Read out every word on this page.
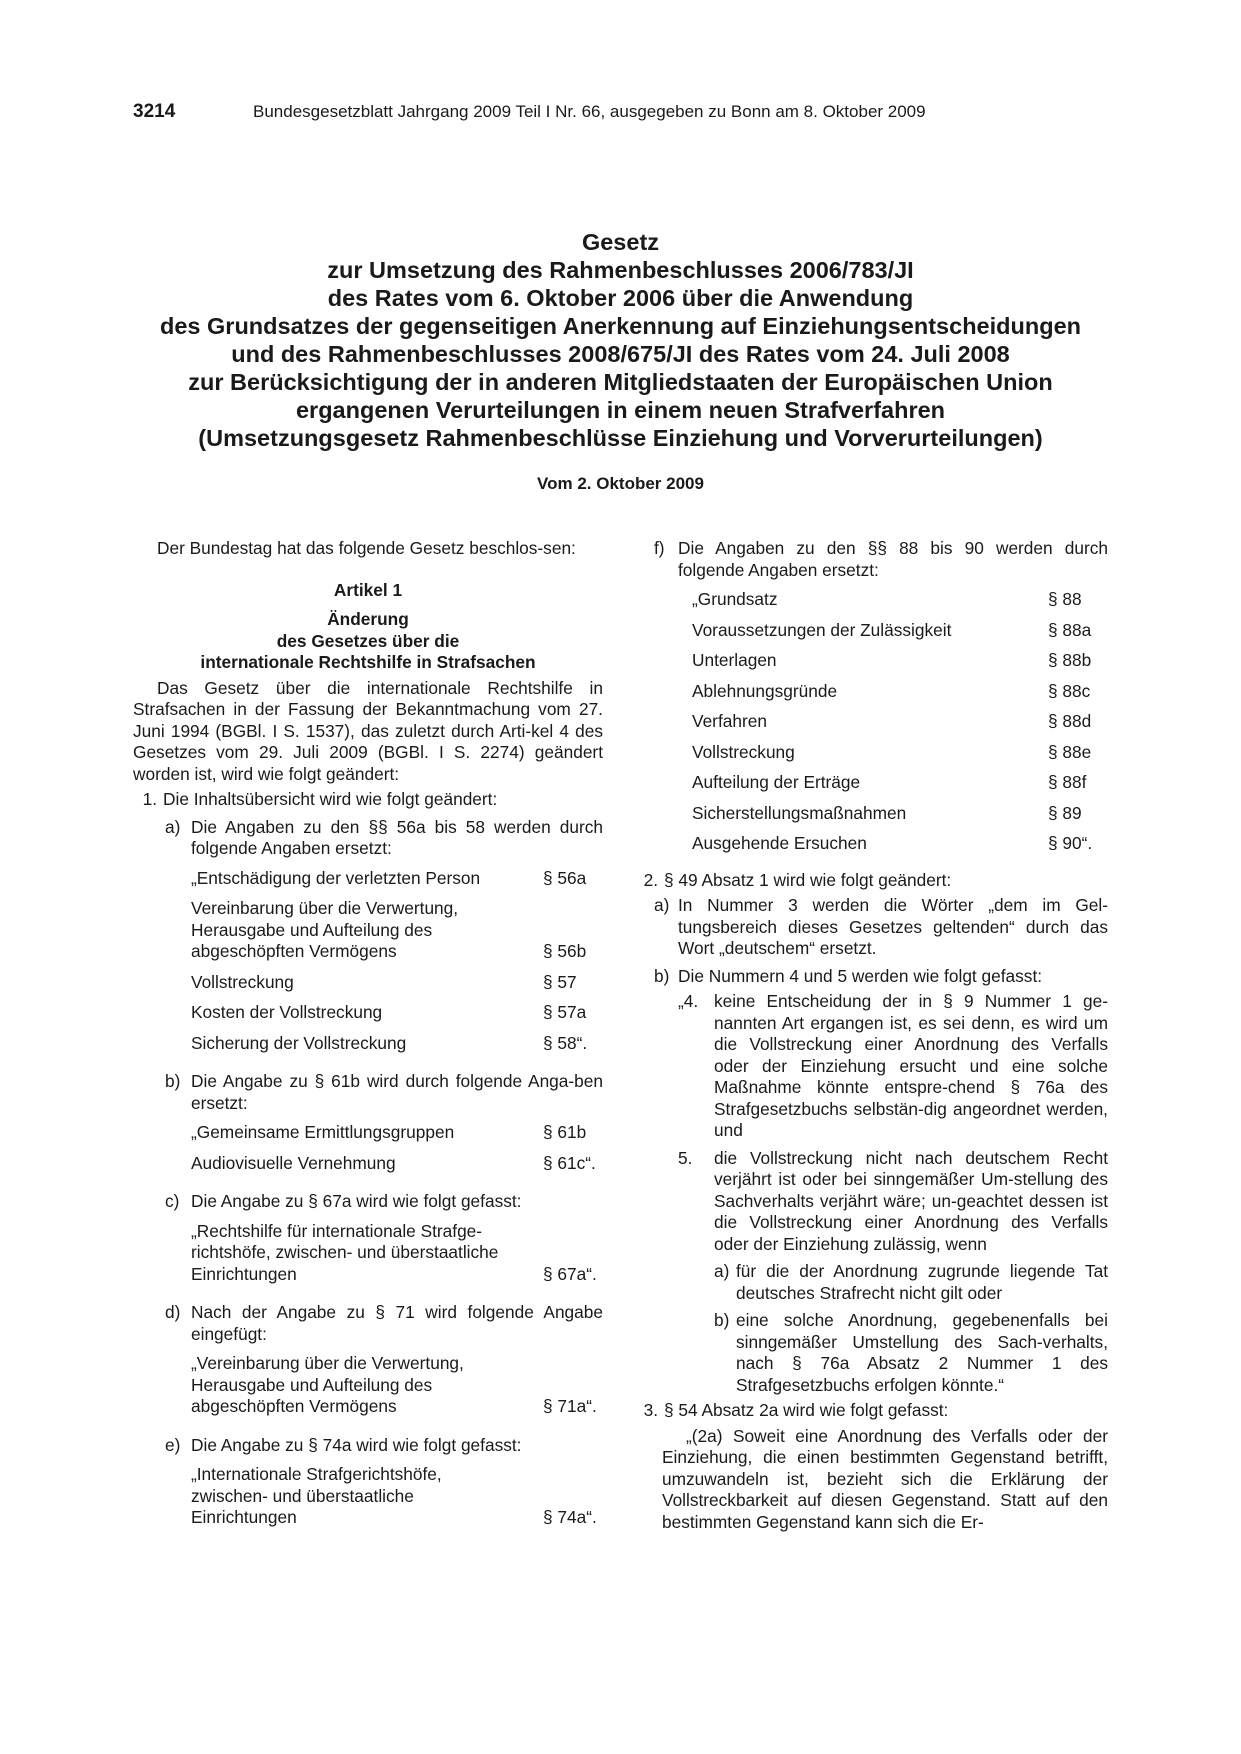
3214	Bundesgesetzblatt Jahrgang 2009 Teil I Nr. 66, ausgegeben zu Bonn am 8. Oktober 2009
Gesetz
zur Umsetzung des Rahmenbeschlusses 2006/783/JI
des Rates vom 6. Oktober 2006 über die Anwendung
des Grundsatzes der gegenseitigen Anerkennung auf Einziehungsentscheidungen
und des Rahmenbeschlusses 2008/675/JI des Rates vom 24. Juli 2008
zur Berücksichtigung der in anderen Mitgliedstaaten der Europäischen Union
ergangenen Verurteilungen in einem neuen Strafverfahren
(Umsetzungsgesetz Rahmenbeschlüsse Einziehung und Vorverurteilungen)
Vom 2. Oktober 2009

Der Bundestag hat das folgende Gesetz beschlos-sen:

Artikel 1

Änderung

des Gesetzes über die

internationale Rechtshilfe in Strafsachen

Das Gesetz über die internationale Rechtshilfe in Strafsachen in der Fassung der Bekanntmachung vom 27. Juni 1994 (BGBl. I S. 1537), das zuletzt durch Arti-kel 4 des Gesetzes vom 29. Juli 2009 (BGBl. I S. 2274) geändert worden ist, wird wie folgt geändert:

1. Die Inhaltsübersicht wird wie folgt geändert:
a) Die Angaben zu den §§ 56a bis 58 werden durch folgende Angaben ersetzt:
„Entschädigung der verletzten Person	§ 56a
Vereinbarung über die Verwertung,
Herausgabe und Aufteilung des
abgeschöpften Vermögens	§ 56b
Vollstreckung	§ 57
Kosten der Vollstreckung	§ 57a
Sicherung der Vollstreckung	§ 58“.
b) Die Angabe zu § 61b wird durch folgende Anga-ben ersetzt:
„Gemeinsame Ermittlungsgruppen	§ 61b
Audiovisuelle Vernehmung	§ 61c“.
c) Die Angabe zu § 67a wird wie folgt gefasst:
„Rechtshilfe für internationale Strafge-
richtshöfe, zwischen- und überstaatliche
Einrichtungen	§ 67a“.
d) Nach der Angabe zu § 71 wird folgende Angabe eingefügt:
„Vereinbarung über die Verwertung,
Herausgabe und Aufteilung des
abgeschöpften Vermögens	§ 71a“.
e) Die Angabe zu § 74a wird wie folgt gefasst:
„Internationale Strafgerichtshöfe,
zwischen- und überstaatliche
Einrichtungen	§ 74a“.
f) Die Angaben zu den §§ 88 bis 90 werden durch folgende Angaben ersetzt:
„Grundsatz	§ 88
Voraussetzungen der Zulässigkeit	§ 88a
Unterlagen	§ 88b
Ablehnungsgründe	§ 88c
Verfahren	§ 88d
Vollstreckung	§ 88e
Aufteilung der Erträge	§ 88f
Sicherstellungsmaßnahmen	§ 89
Ausgehende Ersuchen	§ 90“.
2. § 49 Absatz 1 wird wie folgt geändert:
a) In Nummer 3 werden die Wörter „dem im Gel-tungsbereich dieses Gesetzes geltenden“ durch das Wort „deutschem“ ersetzt.
b) Die Nummern 4 und 5 werden wie folgt gefasst:
„4. keine Entscheidung der in § 9 Nummer 1 ge-nannten Art ergangen ist, es sei denn, es wird um die Vollstreckung einer Anordnung des Verfalls oder der Einziehung ersucht und eine solche Maßnahme könnte entspre-chend § 76a des Strafgesetzbuchs selbstän-dig angeordnet werden, und
5.	die Vollstreckung nicht nach deutschem Recht verjährt ist oder bei sinngemäßer Um-stellung des Sachverhalts verjährt wäre; un-geachtet dessen ist die Vollstreckung einer Anordnung des Verfalls oder der Einziehung zulässig, wenn
a) für die der Anordnung zugrunde liegende Tat deutsches Strafrecht nicht gilt oder
b) eine solche Anordnung, gegebenenfalls bei sinngemäßer Umstellung des Sach-verhalts, nach § 76a Absatz 2 Nummer 1 des Strafgesetzbuchs erfolgen könnte.“
3. § 54 Absatz 2a wird wie folgt gefasst:

„(2a) Soweit eine Anordnung des Verfalls oder der Einziehung, die einen bestimmten Gegenstand betrifft, umzuwandeln ist, bezieht sich die Erklärung der Vollstreckbarkeit auf diesen Gegenstand. Statt auf den bestimmten Gegenstand kann sich die Er-
